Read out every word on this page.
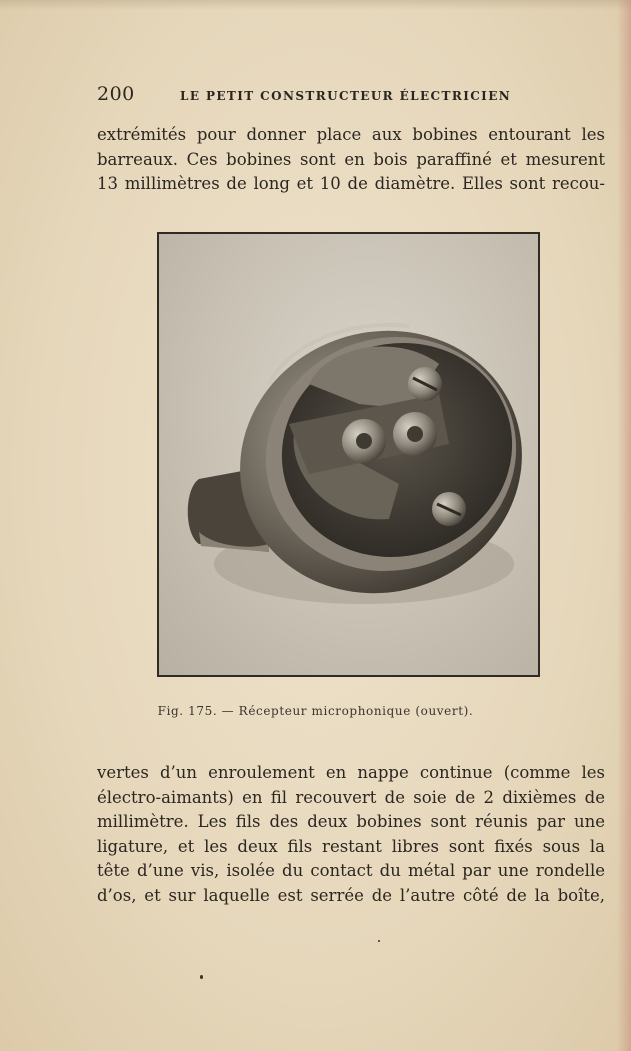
200	LE PETIT CONSTRUCTEUR ÉLECTRICIEN

extrémités pour donner place aux bobines entourant les
barreaux. Ces bobines sont en bois paraffiné et mesurent
13 millimètres de long et 10 de diamètre. Elles sont recou-

Fig. 175. — Récepteur microphonique (ouvert).

vertes d’un enroulement en nappe continue (comme les
électro-aimants) en fil recouvert de soie de 2 dixièmes de
millimètre. Les fils des deux bobines sont réunis par une
ligature, et les deux fils restant libres sont fixés sous la
tête d’une vis, isolée du contact du métal par une rondelle
d’os, et sur laquelle est serrée de l’autre côté de la boîte,
